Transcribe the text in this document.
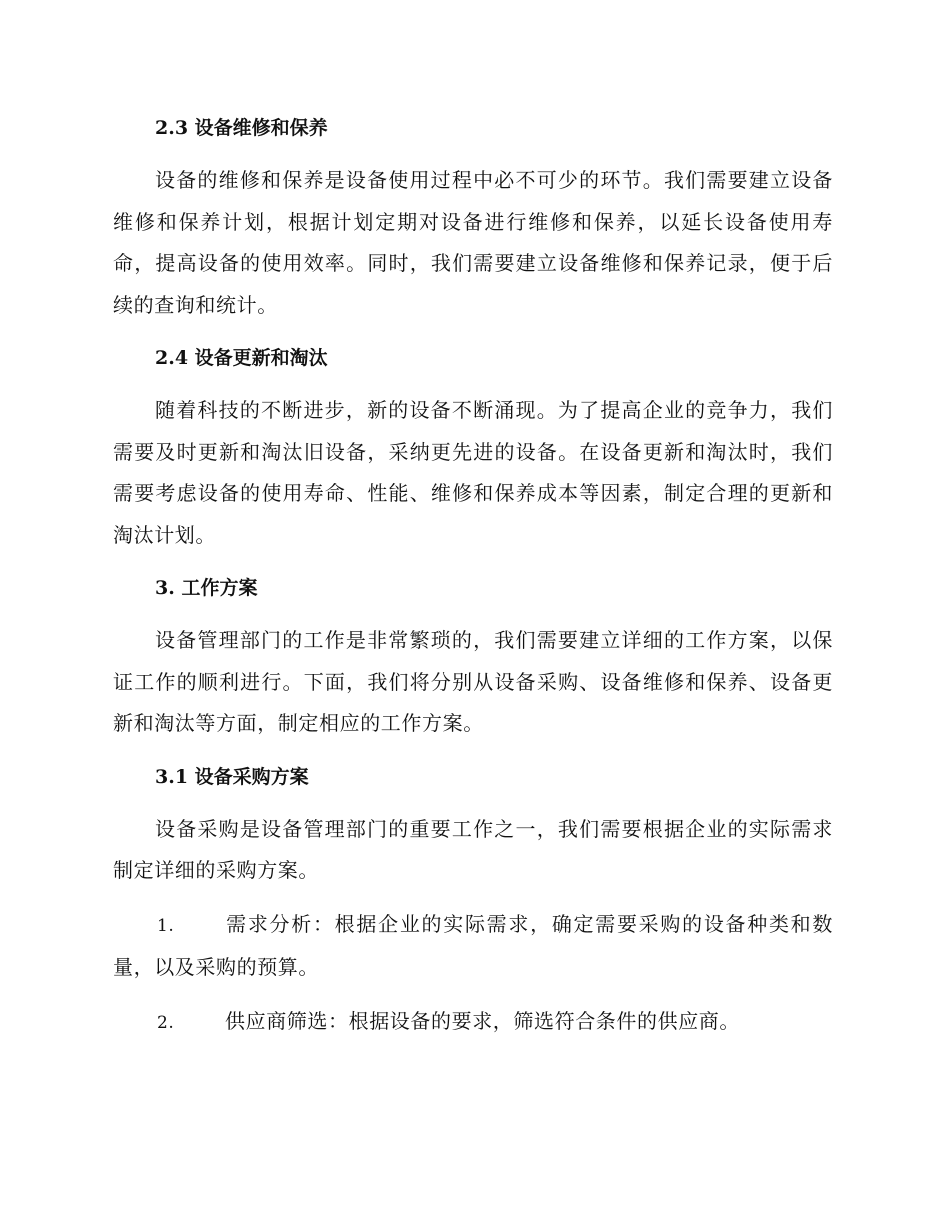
2.3 设备维修和保养

设备的维修和保养是设备使用过程中必不可少的环节。我们需要建立设备维修和保养计划，根据计划定期对设备进行维修和保养，以延长设备使用寿命，提高设备的使用效率。同时，我们需要建立设备维修和保养记录，便于后续的查询和统计。

2.4 设备更新和淘汰

随着科技的不断进步，新的设备不断涌现。为了提高企业的竞争力，我们需要及时更新和淘汰旧设备，采纳更先进的设备。在设备更新和淘汰时，我们需要考虑设备的使用寿命、性能、维修和保养成本等因素，制定合理的更新和淘汰计划。

3. 工作方案

设备管理部门的工作是非常繁琐的，我们需要建立详细的工作方案，以保证工作的顺利进行。下面，我们将分别从设备采购、设备维修和保养、设备更新和淘汰等方面，制定相应的工作方案。

3.1 设备采购方案

设备采购是设备管理部门的重要工作之一，我们需要根据企业的实际需求制定详细的采购方案。

1.	需求分析：根据企业的实际需求，确定需要采购的设备种类和数量，以及采购的预算。

2.	供应商筛选：根据设备的要求，筛选符合条件的供应商。
